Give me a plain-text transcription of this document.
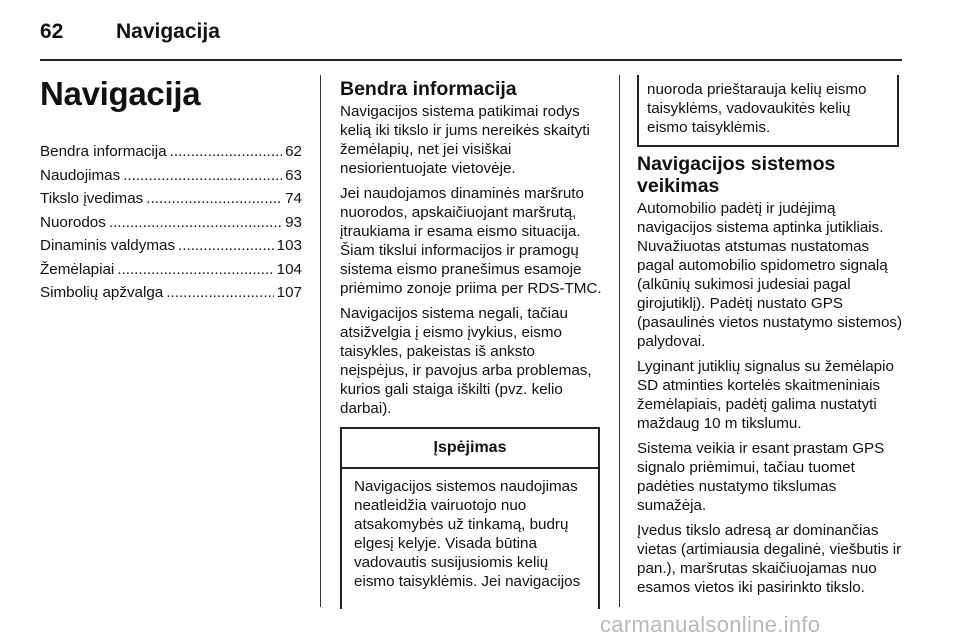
62	Navigacija
Navigacija
Bendra informacija .....	62
Naudojimas .....	63
Tikslo įvedimas .....	74
Nuorodos .....	93
Dinaminis valdymas .....	103
Žemėlapiai .....	104
Simbolių apžvalga .....	107
Bendra informacija

Navigacijos sistema patikimai rodys kelią iki tikslo ir jums nereikės skaityti žemėlapių, net jei visiškai nesiorientuojate vietovėje.

Jei naudojamos dinaminės maršruto nuorodos, apskaičiuojant maršrutą, įtraukiama ir esama eismo situacija. Šiam tikslui informacijos ir pramogų sistema eismo pranešimus esamoje priėmimo zonoje priima per RDS-TMC.

Navigacijos sistema negali, tačiau atsižvelgia į eismo įvykius, eismo taisykles, pakeistas iš anksto neįspėjus, ir pavojus arba problemas, kurios gali staiga iškilti (pvz. kelio darbai).

Įspėjimas
Navigacijos sistemos naudojimas neatleidžia vairuotojo nuo atsakomybės už tinkamą, budrų elgesį kelyje. Visada būtina vadovautis susijusiomis kelių eismo taisyklėmis. Jei navigacijos
nuoroda prieštarauja kelių eismo taisyklėms, vadovaukitės kelių eismo taisyklėmis.
Navigacijos sistemos veikimas

Automobilio padėtį ir judėjimą navigacijos sistema aptinka jutikliais. Nuvažiuotas atstumas nustatomas pagal automobilio spidometro signalą (alkūnių sukimosi judesiai pagal girojutiklį). Padėtį nustato GPS (pasaulinės vietos nustatymo sistemos) palydovai.

Lyginant jutiklių signalus su žemėlapio SD atminties kortelės skaitmeniniais žemėlapiais, padėtį galima nustatyti maždaug 10 m tikslumu.

Sistema veikia ir esant prastam GPS signalo priėmimui, tačiau tuomet padėties nustatymo tikslumas sumažėja.

Įvedus tikslo adresą ar dominančias vietas (artimiausia degalinė, viešbutis ir pan.), maršrutas skaičiuojamas nuo esamos vietos iki pasirinkto tikslo.

carmanualsonline.info
